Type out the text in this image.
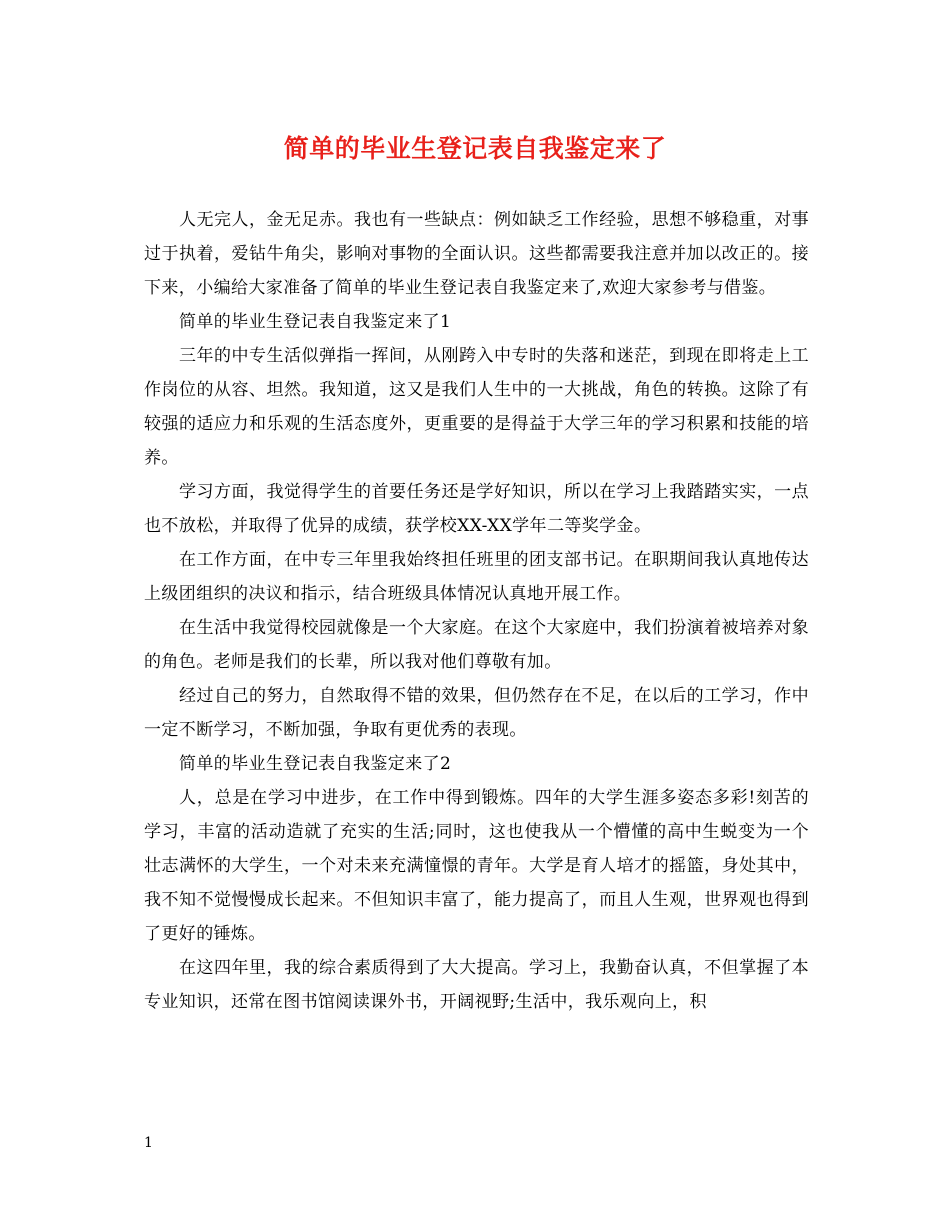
简单的毕业生登记表自我鉴定来了

人无完人，金无足赤。我也有一些缺点：例如缺乏工作经验，思想不够稳重，对事过于执着，爱钻牛角尖，影响对事物的全面认识。这些都需要我注意并加以改正的。接下来，小编给大家准备了简单的毕业生登记表自我鉴定来了,欢迎大家参考与借鉴。

简单的毕业生登记表自我鉴定来了1

三年的中专生活似弹指一挥间，从刚跨入中专时的失落和迷茫，到现在即将走上工作岗位的从容、坦然。我知道，这又是我们人生中的一大挑战，角色的转换。这除了有较强的适应力和乐观的生活态度外，更重要的是得益于大学三年的学习积累和技能的培养。

学习方面，我觉得学生的首要任务还是学好知识，所以在学习上我踏踏实实，一点也不放松，并取得了优异的成绩，获学校XX-XX学年二等奖学金。

在工作方面，在中专三年里我始终担任班里的团支部书记。在职期间我认真地传达上级团组织的决议和指示，结合班级具体情况认真地开展工作。

在生活中我觉得校园就像是一个大家庭。在这个大家庭中，我们扮演着被培养对象的角色。老师是我们的长辈，所以我对他们尊敬有加。

经过自己的努力，自然取得不错的效果，但仍然存在不足，在以后的工学习，作中一定不断学习，不断加强，争取有更优秀的表现。

简单的毕业生登记表自我鉴定来了2

人，总是在学习中进步，在工作中得到锻炼。四年的大学生涯多姿态多彩!刻苦的学习，丰富的活动造就了充实的生活;同时，这也使我从一个懵懂的高中生蜕变为一个壮志满怀的大学生，一个对未来充满憧憬的青年。大学是育人培才的摇篮，身处其中，我不知不觉慢慢成长起来。不但知识丰富了，能力提高了，而且人生观，世界观也得到了更好的锤炼。

在这四年里，我的综合素质得到了大大提高。学习上，我勤奋认真，不但掌握了本专业知识，还常在图书馆阅读课外书，开阔视野;生活中，我乐观向上，积

1
